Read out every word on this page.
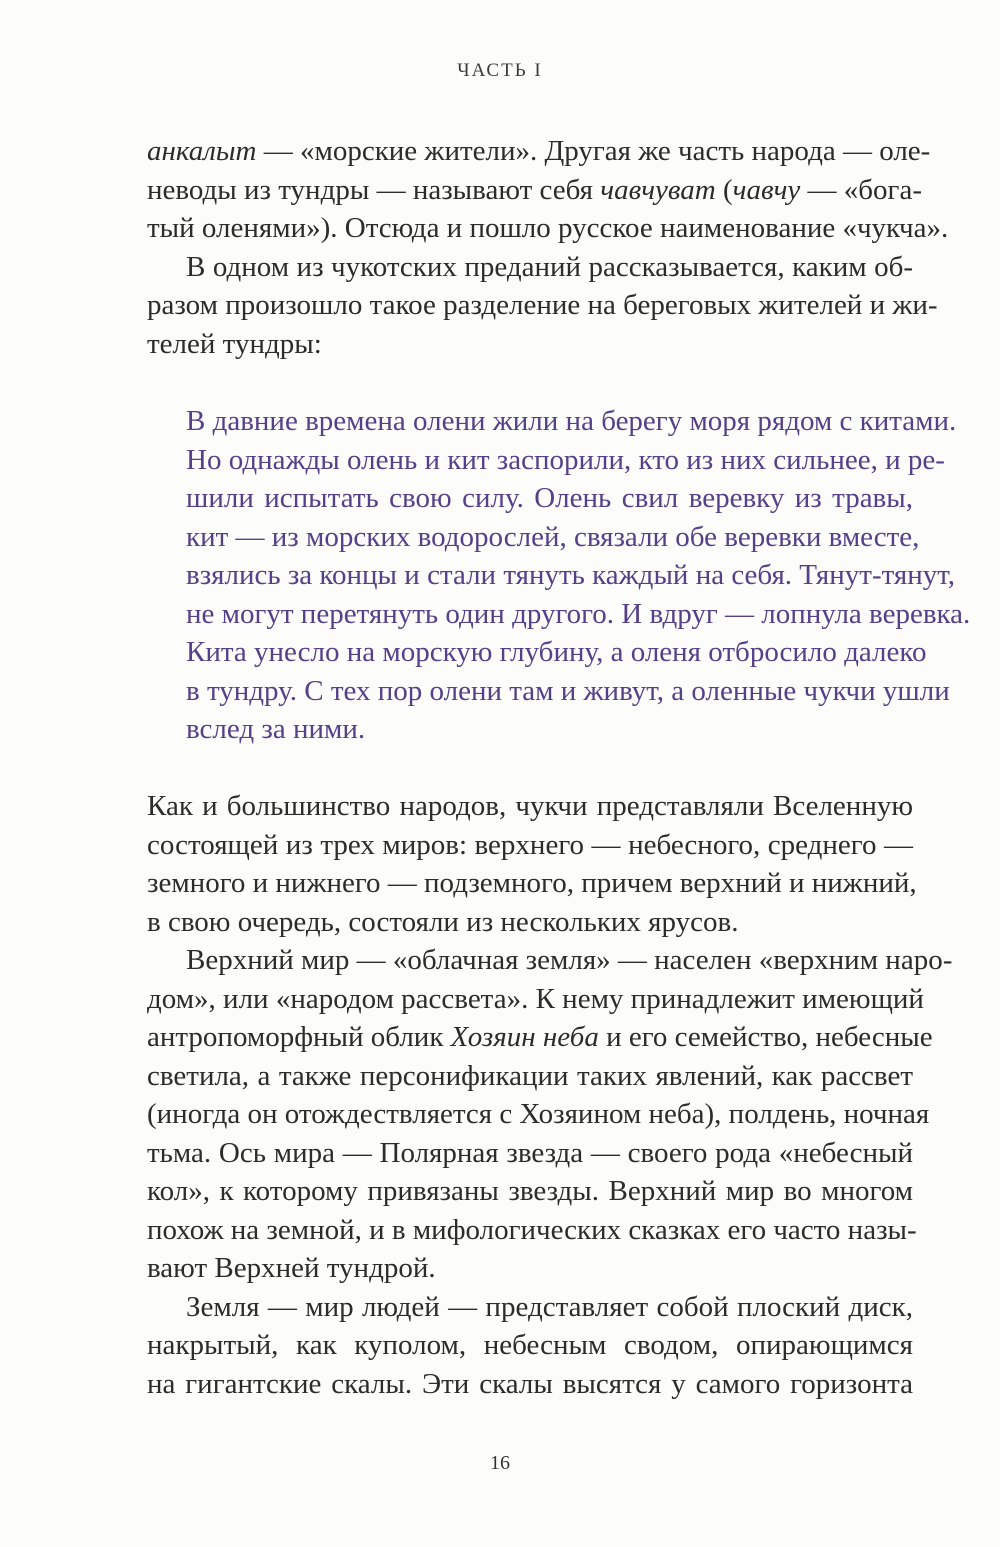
ЧАСТЬ I
анкалыт — «морские жители». Другая же часть народа — оле-
неводы из тундры — называют себя чавчуват (чавчу — «бога-
тый оленями»). Отсюда и пошло русское наименование «чукча».
В одном из чукотских преданий рассказывается, каким об-
разом произошло такое разделение на береговых жителей и жи-
телей тундры:
В давние времена олени жили на берегу моря рядом с китами.
Но однажды олень и кит заспорили, кто из них сильнее, и ре-
шили испытать свою силу. Олень свил веревку из травы,
кит — из морских водорослей, связали обе веревки вместе,
взялись за концы и стали тянуть каждый на себя. Тянут-тянут,
не могут перетянуть один другого. И вдруг — лопнула веревка.
Кита унесло на морскую глубину, а оленя отбросило далеко
в тундру. С тех пор олени там и живут, а оленные чукчи ушли
вслед за ними.
Как и большинство народов, чукчи представляли Вселенную
состоящей из трех миров: верхнего — небесного, среднего —
земного и нижнего — подземного, причем верхний и нижний,
в свою очередь, состояли из нескольких ярусов.
Верхний мир — «облачная земля» — населен «верхним наро-
дом», или «народом рассвета». К нему принадлежит имеющий
антропоморфный облик Хозяин неба и его семейство, небесные
светила, а также персонификации таких явлений, как рассвет
(иногда он отождествляется с Хозяином неба), полдень, ночная
тьма. Ось мира — Полярная звезда — своего рода «небесный
кол», к которому привязаны звезды. Верхний мир во многом
похож на земной, и в мифологических сказках его часто назы-
вают Верхней тундрой.
Земля — мир людей — представляет собой плоский диск,
накрытый, как куполом, небесным сводом, опирающимся
на гигантские скалы. Эти скалы высятся у самого горизонта
16
